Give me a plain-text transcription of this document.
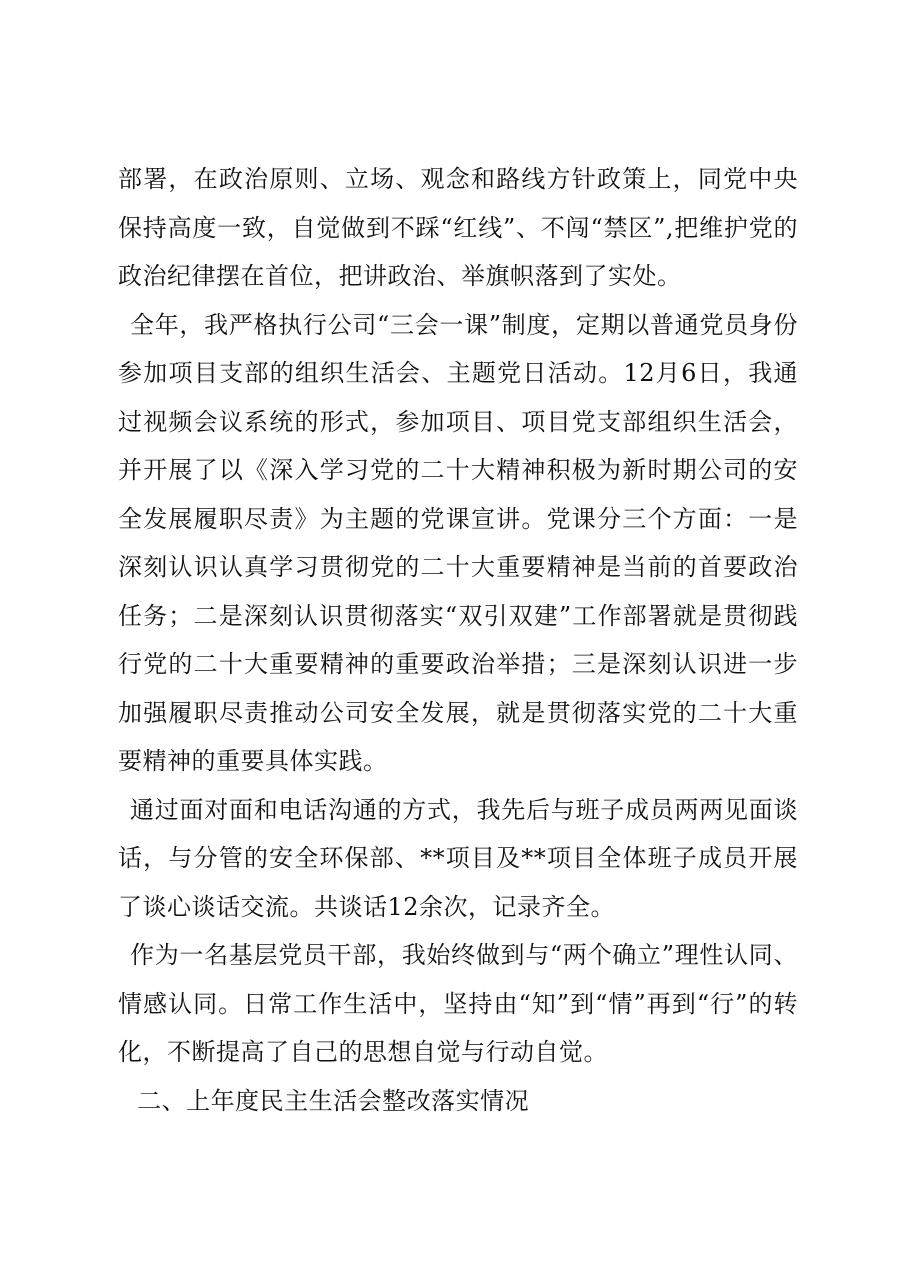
部署，在政治原则、立场、观念和路线方针政策上，同党中央保持高度一致，自觉做到不踩“红线”、不闯“禁区”,把维护党的政治纪律摆在首位，把讲政治、举旗帜落到了实处。

全年，我严格执行公司“三会一课”制度，定期以普通党员身份参加项目支部的组织生活会、主题党日活动。12月6日，我通过视频会议系统的形式，参加项目、项目党支部组织生活会，并开展了以《深入学习党的二十大精神积极为新时期公司的安全发展履职尽责》为主题的党课宣讲。党课分三个方面：一是深刻认识认真学习贯彻党的二十大重要精神是当前的首要政治任务；二是深刻认识贯彻落实“双引双建”工作部署就是贯彻践行党的二十大重要精神的重要政治举措；三是深刻认识进一步加强履职尽责推动公司安全发展，就是贯彻落实党的二十大重要精神的重要具体实践。

通过面对面和电话沟通的方式，我先后与班子成员两两见面谈话，与分管的安全环保部、**项目及**项目全体班子成员开展了谈心谈话交流。共谈话12余次，记录齐全。

作为一名基层党员干部，我始终做到与“两个确立”理性认同、情感认同。日常工作生活中，坚持由“知”到“情”再到“行”的转化，不断提高了自己的思想自觉与行动自觉。

二、上年度民主生活会整改落实情况
